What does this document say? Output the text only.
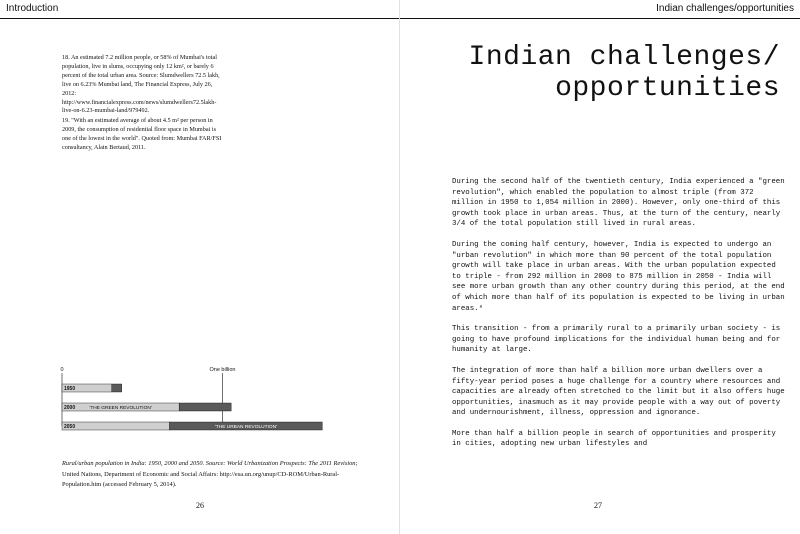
Introduction

18. An estimated 7.2 million people, or 58% of Mumbai's total population, live in slums, occupying only 12 km², or barely 6 percent of the total urban area. Source: Slumdwellers 72.5 lakh, live on 6.23% Mumbai land, The Financial Express, July 26, 2012: http://www.financialexpress.com/news/slumdwellers72.5lakh-live-on-6.23-mumbai-land/979492.

19. "With an estimated average of about 4.5 m² per person in 2009, the consumption of residential floor space in Mumbai is one of the lowest in the world". Quoted from: Mumbai FAR/FSI consultancy, Alain Bertaud, 2011.

0	One billion
1950
2000
2050
'THE GREEN REVOLUTION'
'THE URBAN REVOLUTION'
Rural/urban population in India: 1950, 2000 and 2050. Source: World Urbanization Prospects: The 2011 Revision; United Nations, Department of Economic and Social Affairs: http://esa.un.org/unup/CD-ROM/Urban-Rural-Population.htm (accessed February 5, 2014).
26
Indian challenges/opportunities
Indian challenges/
opportunities

During the second half of the twentieth century, India experienced a "green revolution", which enabled the population to almost triple (from 372 million in 1950 to 1,054 million in 2000). However, only one-third of this growth took place in urban areas. Thus, at the turn of the century, nearly 3/4 of the total population still lived in rural areas.

During the coming half century, however, India is expected to undergo an "urban revolution" in which more than 90 percent of the total population growth will take place in urban areas. With the urban population expected to triple - from 292 million in 2000 to 875 million in 2050 - India will see more urban growth than any other country during this period, at the end of which more than half of its population is expected to be living in urban areas.⁸

This transition - from a primarily rural to a primarily urban society - is going to have profound implications for the individual human being and for humanity at large.

The integration of more than half a billion more urban dwellers over a fifty-year period poses a huge challenge for a country where resources and capacities are already often stretched to the limit but it also offers huge opportunities, inasmuch as it may provide people with a way out of poverty and undernourishment, illness, oppression and ignorance.

More than half a billion people in search of opportunities and prosperity in cities, adopting new urban lifestyles and

27
